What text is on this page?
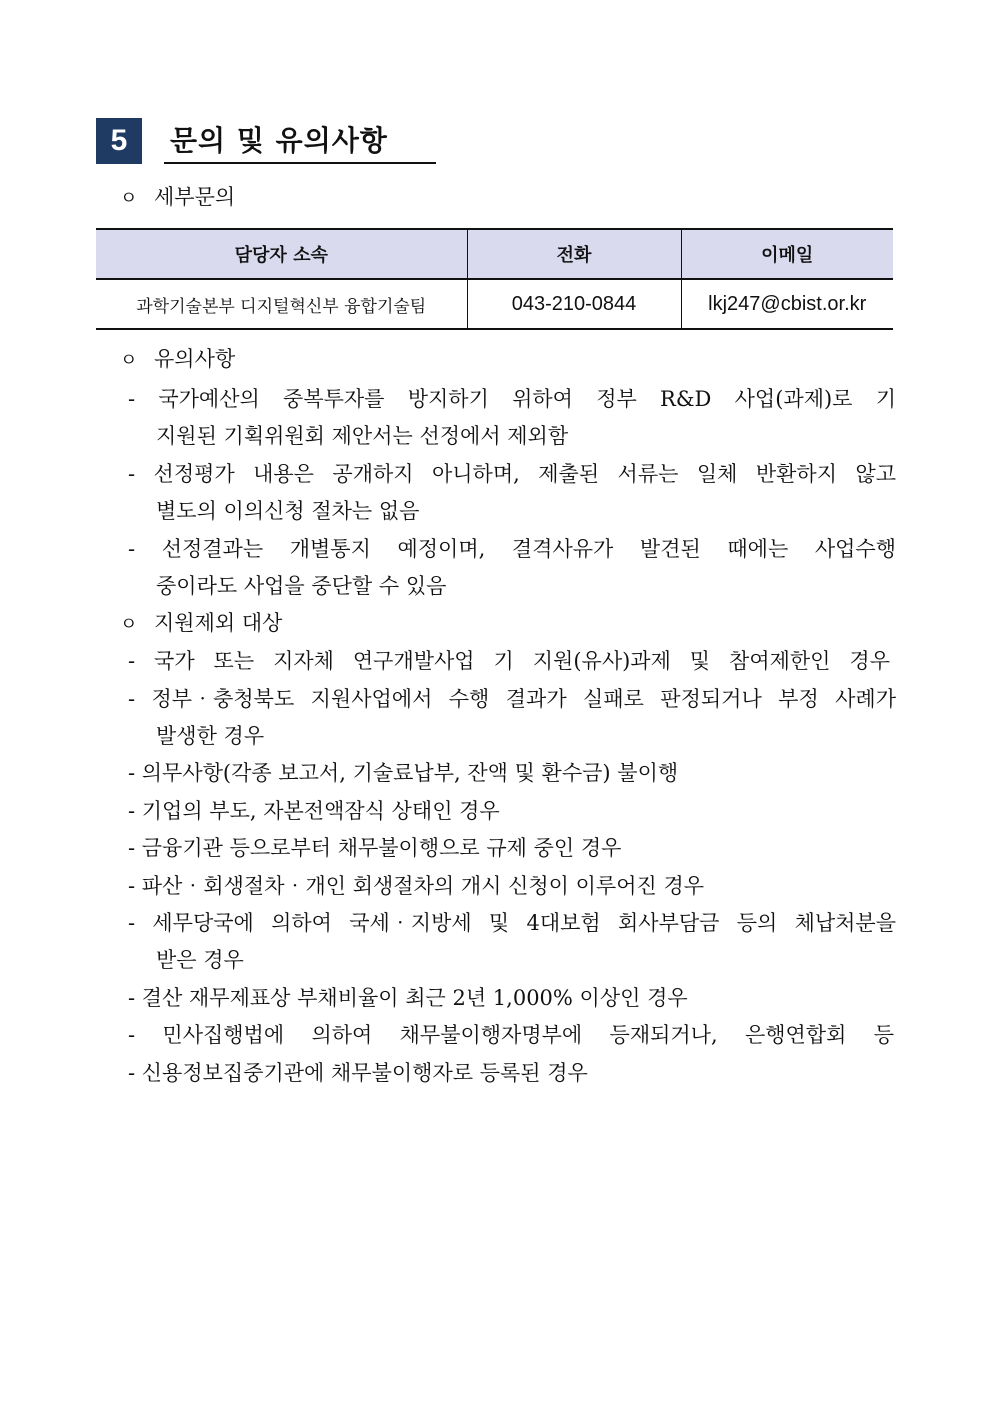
5	문의 및 유의사항
ㅇ 세부문의
담당자 소속	전화	이메일
과학기술본부 디지털혁신부 융합기술팀	043-210-0844	lkj247@cbist.or.kr
ㅇ 유의사항
- 국가예산의 중복투자를 방지하기 위하여 정부 R&D 사업(과제)로 기
지원된 기획위원회 제안서는 선정에서 제외함
- 선정평가 내용은 공개하지 아니하며, 제출된 서류는 일체 반환하지 않고
별도의 이의신청 절차는 없음
- 선정결과는 개별통지 예정이며, 결격사유가 발견된 때에는 사업수행
중이라도 사업을 중단할 수 있음
ㅇ 지원제외 대상
- 국가 또는 지자체 연구개발사업 기 지원(유사)과제 및 참여제한인 경우
- 정부‧충청북도 지원사업에서 수행 결과가 실패로 판정되거나 부정 사례가
발생한 경우
- 의무사항(각종 보고서, 기술료납부, 잔액 및 환수금) 불이행
- 기업의 부도, 자본전액잠식 상태인 경우
- 금융기관 등으로부터 채무불이행으로 규제 중인 경우
- 파산‧회생절차‧개인 회생절차의 개시 신청이 이루어진 경우
- 세무당국에 의하여 국세‧지방세 및 4대보험 회사부담금 등의 체납처분을
받은 경우
- 결산 재무제표상 부채비율이 최근 2년 1,000% 이상인 경우
- 민사집행법에 의하여 채무불이행자명부에 등재되거나, 은행연합회 등
- 신용정보집중기관에 채무불이행자로 등록된 경우
